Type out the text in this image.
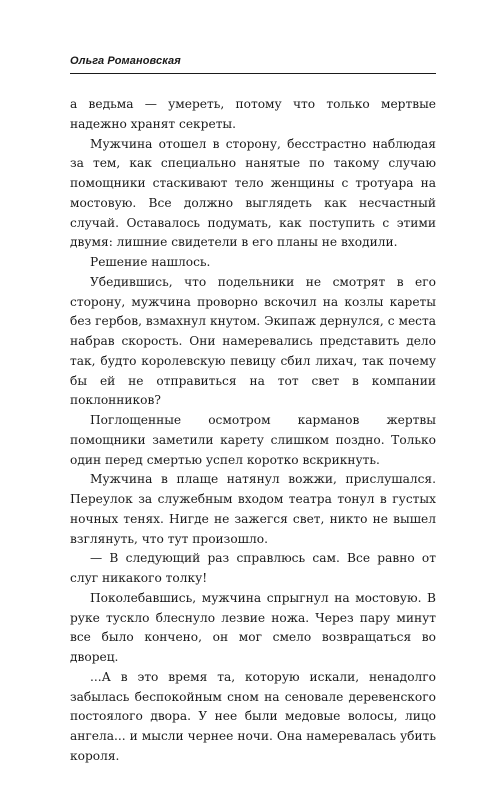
Ольга Романовская

а ведьма — умереть, потому что только мертвые надежно хранят секреты.

Мужчина отошел в сторону, бесстрастно наблюдая за тем, как специально нанятые по такому случаю помощники стаскивают тело женщины с тротуара на мостовую. Все должно выглядеть как несчастный случай. Оставалось подумать, как поступить с этими двумя: лишние свидетели в его планы не входили.

Решение нашлось.

Убедившись, что подельники не смотрят в его сторону, мужчина проворно вскочил на козлы кареты без гербов, взмахнул кнутом. Экипаж дернулся, с места набрав скорость. Они намеревались представить дело так, будто королевскую певицу сбил лихач, так почему бы ей не отправиться на тот свет в компании поклонников?

Поглощенные осмотром карманов жертвы помощники заметили карету слишком поздно. Только один перед смертью успел коротко вскрикнуть.

Мужчина в плаще натянул вожжи, прислушался. Переулок за служебным входом театра тонул в густых ночных тенях. Нигде не зажегся свет, никто не вышел взглянуть, что тут произошло.

— В следующий раз справлюсь сам. Все равно от слуг никакого толку!

Поколебавшись, мужчина спрыгнул на мостовую. В руке тускло блеснуло лезвие ножа. Через пару минут все было кончено, он мог смело возвращаться во дворец.

...А в это время та, которую искали, ненадолго забылась беспокойным сном на сеновале деревенского постоялого двора. У нее были медовые волосы, лицо ангела... и мысли чернее ночи. Она намеревалась убить короля.
